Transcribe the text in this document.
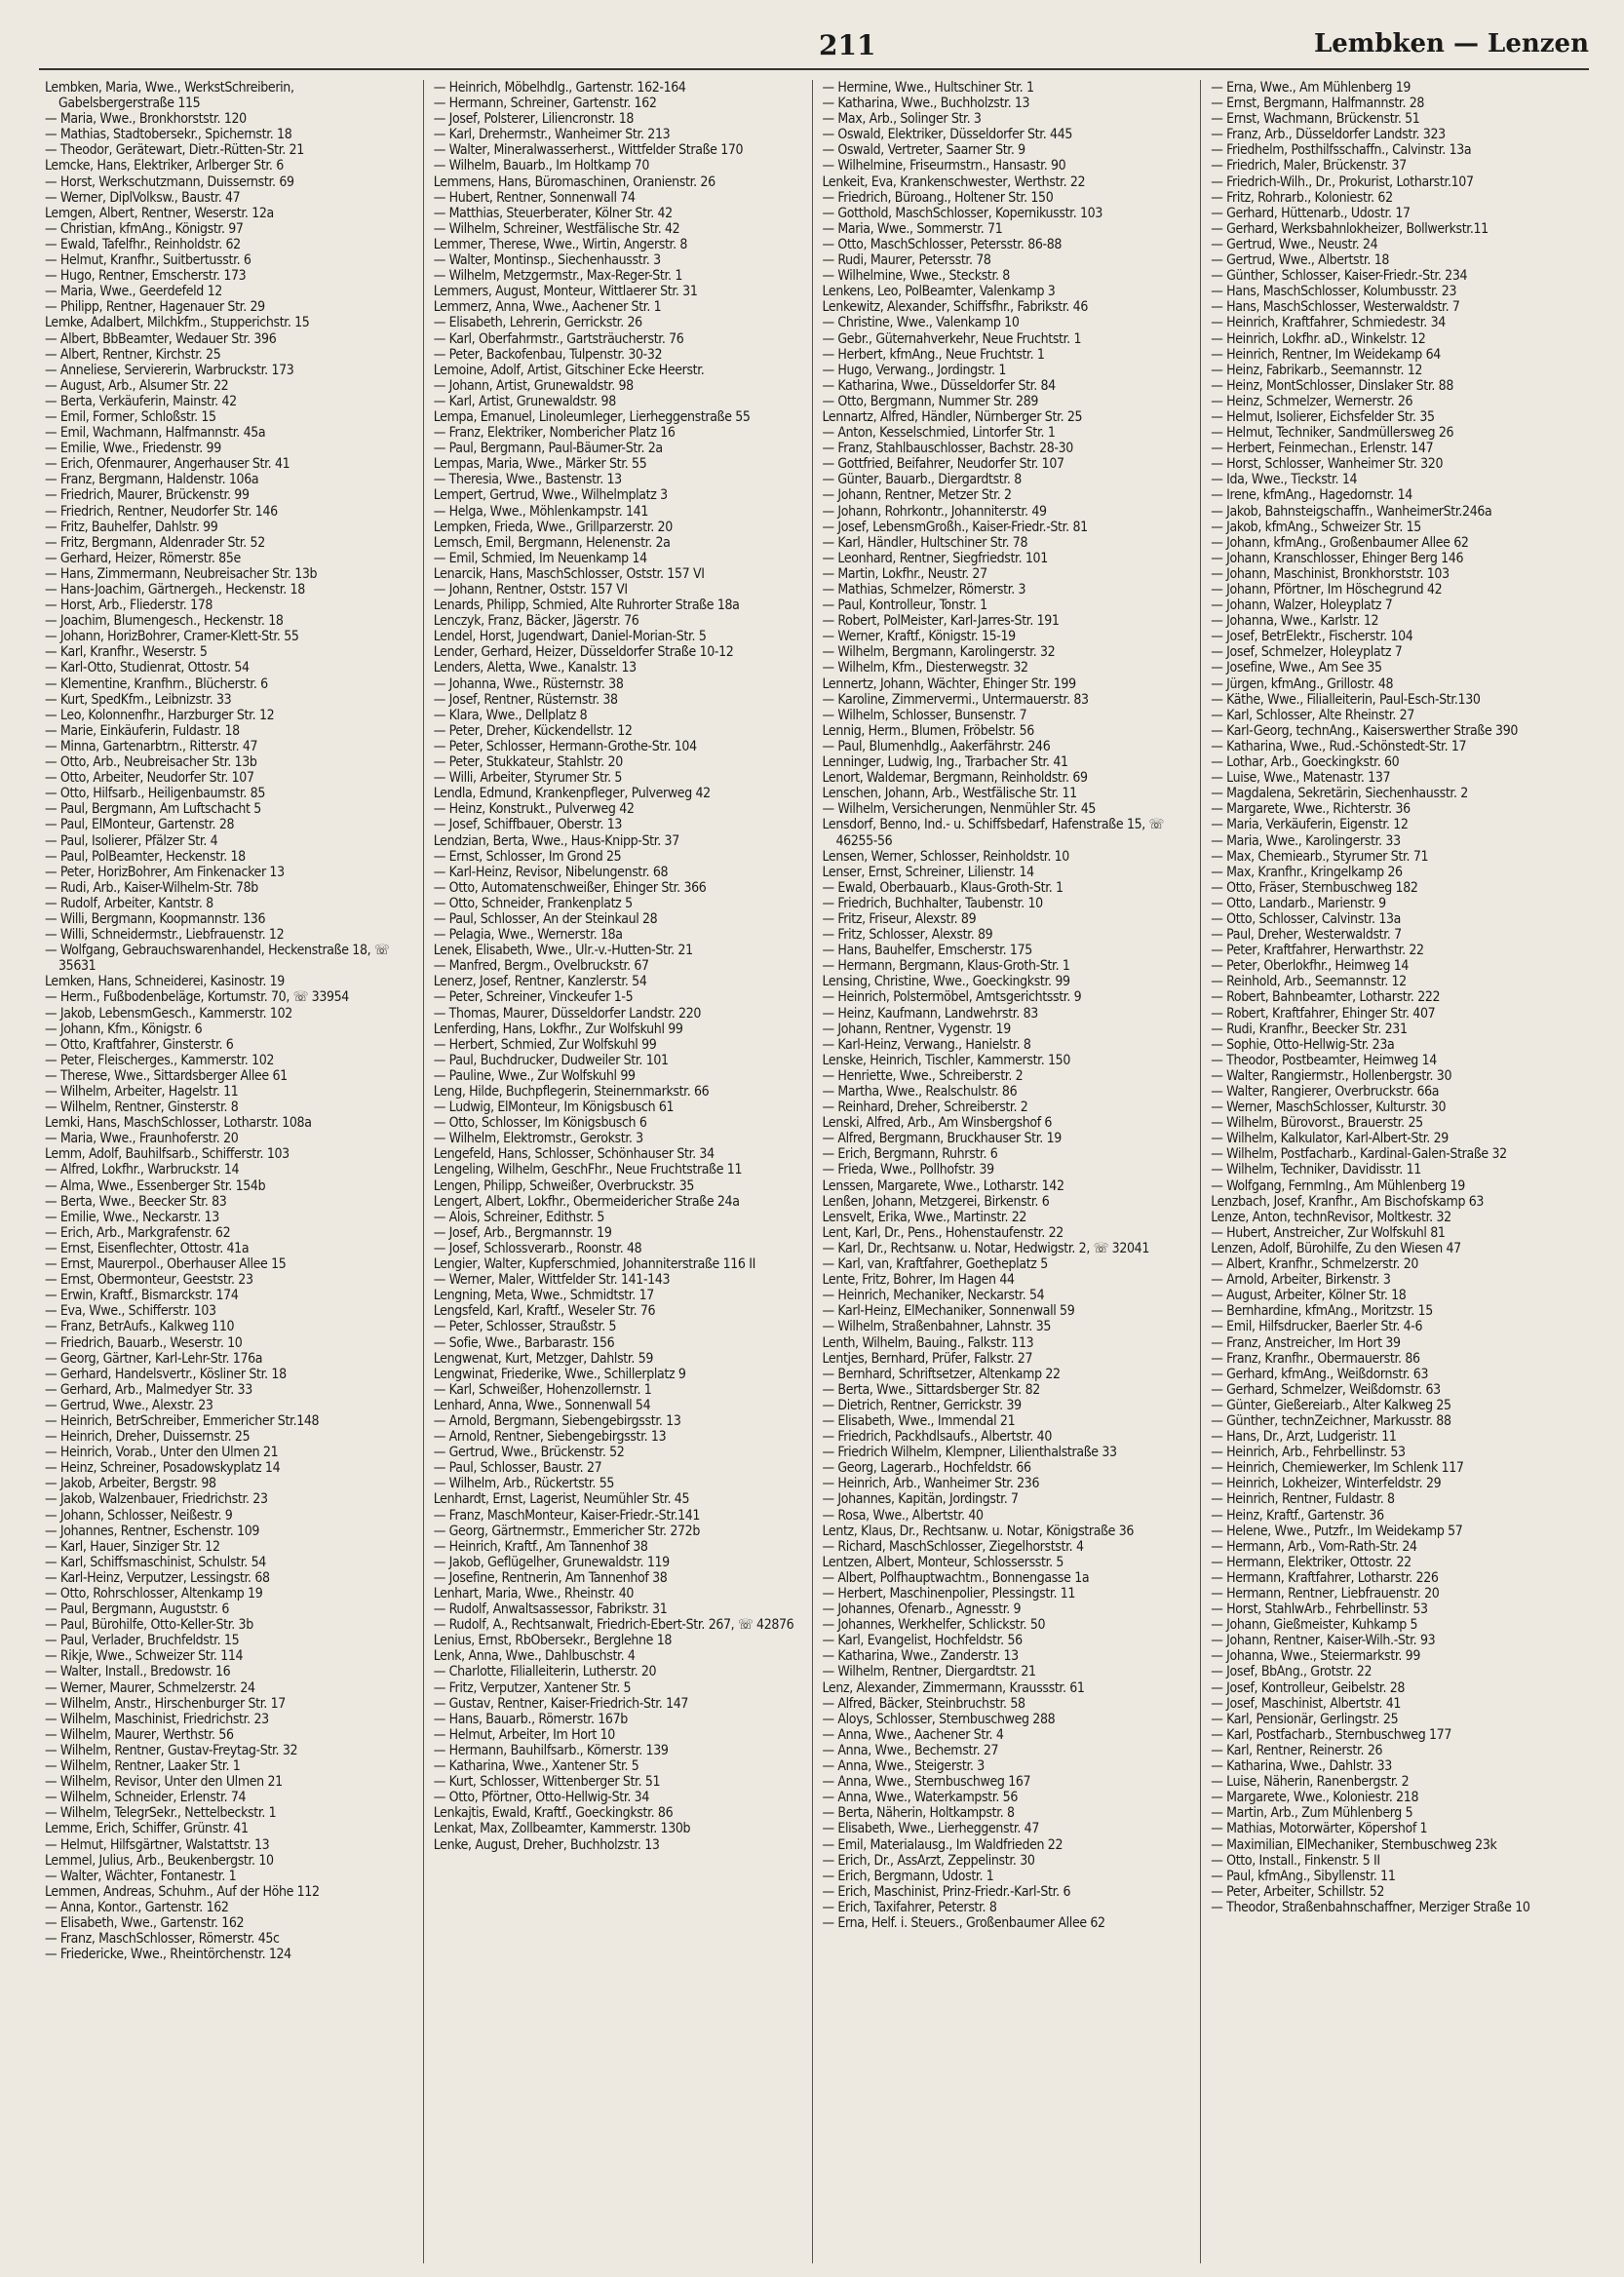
211	Lembken — Lenzen
Lembken, Maria, Wwe., WerkstSchreiberin, Gabelsbergerstraße 115
— Maria, Wwe., Bronkhorststr. 120
— Mathias, Stadtobersekr., Spichernstr. 18
— Theodor, Gerätewart, Dietr.-Rütten-Str. 21
Lemcke, Hans, Elektriker, Arlberger Str. 6
— Horst, Werkschutzmann, Duissernstr. 69
— Werner, DiplVolksw., Baustr. 47
Lemgen, Albert, Rentner, Weserstr. 12a
— Christian, kfmAng., Königstr. 97
— Ewald, Tafelfhr., Reinholdstr. 62
— Helmut, Kranfhr., Suitbertusstr. 6
— Hugo, Rentner, Emscherstr. 173
— Maria, Wwe., Geerdefeld 12
— Philipp, Rentner, Hagenauer Str. 29
Lemke, Adalbert, Milchkfm., Stupperichstr. 15
— Albert, BbBeamter, Wedauer Str. 396
— Albert, Rentner, Kirchstr. 25
— Anneliese, Serviererin, Warbruckstr. 173
— August, Arb., Alsumer Str. 22
— Berta, Verkäuferin, Mainstr. 42
— Emil, Former, Schloßstr. 15
— Emil, Wachmann, Halfmannstr. 45a
— Emilie, Wwe., Friedenstr. 99
— Erich, Ofenmaurer, Angerhauser Str. 41
— Franz, Bergmann, Haldenstr. 106a
— Friedrich, Maurer, Brückenstr. 99
— Friedrich, Rentner, Neudorfer Str. 146
— Fritz, Bauhelfer, Dahlstr. 99
— Fritz, Bergmann, Aldenrader Str. 52
— Gerhard, Heizer, Römerstr. 85e
— Hans, Zimmermann, Neubreisacher Str. 13b
— Hans-Joachim, Gärtnergeh., Heckenstr. 18
— Horst, Arb., Fliederstr. 178
— Joachim, Blumengesch., Heckenstr. 18
— Johann, HorizBohrer, Cramer-Klett-Str. 55
— Karl, Kranfhr., Weserstr. 5
— Karl-Otto, Studienrat, Ottostr. 54
— Klementine, Kranfhrn., Blücherstr. 6
— Kurt, SpedKfm., Leibnizstr. 33
— Leo, Kolonnenfhr., Harzburger Str. 12
— Marie, Einkäuferin, Fuldastr. 18
— Minna, Gartenarbtrn., Ritterstr. 47
— Otto, Arb., Neubreisacher Str. 13b
— Otto, Arbeiter, Neudorfer Str. 107
— Otto, Hilfsarb., Heiligenbaumstr. 85
— Paul, Bergmann, Am Luftschacht 5
— Paul, ElMonteur, Gartenstr. 28
— Paul, Isolierer, Pfälzer Str. 4
— Paul, PolBeamter, Heckenstr. 18
— Peter, HorizBohrer, Am Finkenacker 13
— Rudi, Arb., Kaiser-Wilhelm-Str. 78b
— Rudolf, Arbeiter, Kantstr. 8
— Willi, Bergmann, Koopmannstr. 136
— Willi, Schneidermstr., Liebfrauenstr. 12
— Wolfgang, Gebrauchswarenhandel, Heckenstraße 18, ☏ 35631
Lemken, Hans, Schneiderei, Kasinostr. 19
— Herm., Fußbodenbeläge, Kortumstr. 70, ☏ 33954
— Jakob, LebensmGesch., Kammerstr. 102
— Johann, Kfm., Königstr. 6
— Otto, Kraftfahrer, Ginsterstr. 6
— Peter, Fleischerges., Kammerstr. 102
— Therese, Wwe., Sittardsberger Allee 61
— Wilhelm, Arbeiter, Hagelstr. 11
— Wilhelm, Rentner, Ginsterstr. 8
Lemki, Hans, MaschSchlosser, Lotharstr. 108a
— Maria, Wwe., Fraunhoferstr. 20
Lemm, Adolf, Bauhilfsarb., Schifferstr. 103
— Alfred, Lokfhr., Warbruckstr. 14
— Alma, Wwe., Essenberger Str. 154b
— Berta, Wwe., Beecker Str. 83
— Emilie, Wwe., Neckarstr. 13
— Erich, Arb., Markgrafenstr. 62
— Ernst, Eisenflechter, Ottostr. 41a
— Ernst, Maurerpol., Oberhauser Allee 15
— Ernst, Obermonteur, Geeststr. 23
— Erwin, Kraftf., Bismarckstr. 174
— Eva, Wwe., Schifferstr. 103
— Franz, BetrAufs., Kalkweg 110
— Friedrich, Bauarb., Weserstr. 10
— Georg, Gärtner, Karl-Lehr-Str. 176a
— Gerhard, Handelsvertr., Kösliner Str. 18
— Gerhard, Arb., Malmedyer Str. 33
— Gertrud, Wwe., Alexstr. 23
— Heinrich, BetrSchreiber, Emmericher Str.148
— Heinrich, Dreher, Duissernstr. 25
— Heinrich, Vorab., Unter den Ulmen 21
— Heinz, Schreiner, Posadowskyplatz 14
— Jakob, Arbeiter, Bergstr. 98
— Jakob, Walzenbauer, Friedrichstr. 23
— Johann, Schlosser, Neißestr. 9
— Johannes, Rentner, Eschenstr. 109
— Karl, Hauer, Sinziger Str. 12
— Karl, Schiffsmaschinist, Schulstr. 54
— Karl-Heinz, Verputzer, Lessingstr. 68
— Otto, Rohrschlosser, Altenkamp 19
— Paul, Bergmann, Auguststr. 6
— Paul, Bürohilfe, Otto-Keller-Str. 3b
— Paul, Verlader, Bruchfeldstr. 15
— Rikje, Wwe., Schweizer Str. 114
— Walter, Install., Bredowstr. 16
— Werner, Maurer, Schmelzerstr. 24
— Wilhelm, Anstr., Hirschenburger Str. 17
— Wilhelm, Maschinist, Friedrichstr. 23
— Wilhelm, Maurer, Werthstr. 56
— Wilhelm, Rentner, Gustav-Freytag-Str. 32
— Wilhelm, Rentner, Laaker Str. 1
— Wilhelm, Revisor, Unter den Ulmen 21
— Wilhelm, Schneider, Erlenstr. 74
— Wilhelm, TelegrSekr., Nettelbeckstr. 1
Lemme, Erich, Schiffer, Grünstr. 41
— Helmut, Hilfsgärtner, Walstattstr. 13
Lemmel, Julius, Arb., Beukenbergstr. 10
— Walter, Wächter, Fontanestr. 1
Lemmen, Andreas, Schuhm., Auf der Höhe 112
— Anna, Kontor., Gartenstr. 162
— Elisabeth, Wwe., Gartenstr. 162
— Franz, MaschSchlosser, Römerstr. 45c
— Friedericke, Wwe., Rheintörchenstr. 124
— Heinrich, Möbelhdlg., Gartenstr. 162-164
— Hermann, Schreiner, Gartenstr. 162
— Josef, Polsterer, Liliencronstr. 18
— Karl, Drehermstr., Wanheimer Str. 213
— Walter, Mineralwasserherst., Wittfelder Straße 170
— Wilhelm, Bauarb., Im Holtkamp 70
Lemmens, Hans, Büromaschinen, Oranienstr. 26
— Hubert, Rentner, Sonnenwall 74
— Matthias, Steuerberater, Kölner Str. 42
— Wilhelm, Schreiner, Westfälische Str. 42
Lemmer, Therese, Wwe., Wirtin, Angerstr. 8
— Walter, Montinsp., Siechenhausstr. 3
— Wilhelm, Metzgermstr., Max-Reger-Str. 1
Lemmers, August, Monteur, Wittlaerer Str. 31
Lemmerz, Anna, Wwe., Aachener Str. 1
— Elisabeth, Lehrerin, Gerrickstr. 26
— Karl, Oberfahrmstr., Gartsträucherstr. 76
— Peter, Backofenbau, Tulpenstr. 30-32
Lemoine, Adolf, Artist, Gitschiner Ecke Heerstr.
— Johann, Artist, Grunewaldstr. 98
— Karl, Artist, Grunewaldstr. 98
Lempa, Emanuel, Linoleumleger, Lierheggenstraße 55
— Franz, Elektriker, Nombericher Platz 16
— Paul, Bergmann, Paul-Bäumer-Str. 2a
Lempas, Maria, Wwe., Märker Str. 55
— Theresia, Wwe., Bastenstr. 13
Lempert, Gertrud, Wwe., Wilhelmplatz 3
— Helga, Wwe., Möhlenkampstr. 141
Lempken, Frieda, Wwe., Grillparzerstr. 20
Lemsch, Emil, Bergmann, Helenenstr. 2a
— Emil, Schmied, Im Neuenkamp 14
Lenarcik, Hans, MaschSchlosser, Oststr. 157 VI
— Johann, Rentner, Oststr. 157 VI
Lenards, Philipp, Schmied, Alte Ruhrorter Straße 18a
Lenczyk, Franz, Bäcker, Jägerstr. 76
Lendel, Horst, Jugendwart, Daniel-Morian-Str. 5
Lender, Gerhard, Heizer, Düsseldorfer Straße 10-12
Lenders, Aletta, Wwe., Kanalstr. 13
— Johanna, Wwe., Rüsternstr. 38
— Josef, Rentner, Rüsternstr. 38
— Klara, Wwe., Dellplatz 8
— Peter, Dreher, Kückendellstr. 12
— Peter, Schlosser, Hermann-Grothe-Str. 104
— Peter, Stukkateur, Stahlstr. 20
— Willi, Arbeiter, Styrumer Str. 5
Lendla, Edmund, Krankenpfleger, Pulverweg 42
— Heinz, Konstrukt., Pulverweg 42
— Josef, Schiffbauer, Oberstr. 13
Lendzian, Berta, Wwe., Haus-Knipp-Str. 37
— Ernst, Schlosser, Im Grond 25
— Karl-Heinz, Revisor, Nibelungenstr. 68
— Otto, Automatenschweißer, Ehinger Str. 366
— Otto, Schneider, Frankenplatz 5
— Paul, Schlosser, An der Steinkaul 28
— Pelagia, Wwe., Wernerstr. 18a
Lenek, Elisabeth, Wwe., Ulr.-v.-Hutten-Str. 21
— Manfred, Bergm., Ovelbruckstr. 67
Lenerz, Josef, Rentner, Kanzlerstr. 54
— Peter, Schreiner, Vinckeufer 1-5
— Thomas, Maurer, Düsseldorfer Landstr. 220
Lenferding, Hans, Lokfhr., Zur Wolfskuhl 99
— Herbert, Schmied, Zur Wolfskuhl 99
— Paul, Buchdrucker, Dudweiler Str. 101
— Pauline, Wwe., Zur Wolfskuhl 99
Leng, Hilde, Buchpflegerin, Steinernmarkstr. 66
— Ludwig, ElMonteur, Im Königsbusch 61
— Otto, Schlosser, Im Königsbusch 6
— Wilhelm, Elektromstr., Gerokstr. 3
Lengefeld, Hans, Schlosser, Schönhauser Str. 34
Lengeling, Wilhelm, GeschFhr., Neue Fruchtstraße 11
Lengen, Philipp, Schweißer, Overbruckstr. 35
Lengert, Albert, Lokfhr., Obermeidericher Straße 24a
— Alois, Schreiner, Edithstr. 5
— Josef, Arb., Bergmannstr. 19
— Josef, Schlossverarb., Roonstr. 48
Lengier, Walter, Kupferschmied, Johanniterstraße 116 II
— Werner, Maler, Wittfelder Str. 141-143
Lengning, Meta, Wwe., Schmidtstr. 17
Lengsfeld, Karl, Kraftf., Weseler Str. 76
— Peter, Schlosser, Straußstr. 5
— Sofie, Wwe., Barbarastr. 156
Lengwenat, Kurt, Metzger, Dahlstr. 59
Lengwinat, Friederike, Wwe., Schillerplatz 9
— Karl, Schweißer, Hohenzollernstr. 1
Lenhard, Anna, Wwe., Sonnenwall 54
— Arnold, Bergmann, Siebengebirgsstr. 13
— Arnold, Rentner, Siebengebirgsstr. 13
— Gertrud, Wwe., Brückenstr. 52
— Paul, Schlosser, Baustr. 27
— Wilhelm, Arb., Rückertstr. 55
Lenhardt, Ernst, Lagerist, Neumühler Str. 45
— Franz, MaschMonteur, Kaiser-Friedr.-Str.141
— Georg, Gärtnermstr., Emmericher Str. 272b
— Heinrich, Kraftf., Am Tannenhof 38
— Jakob, Geflügelher, Grunewaldstr. 119
— Josefine, Rentnerin, Am Tannenhof 38
Lenhart, Maria, Wwe., Rheinstr. 40
— Rudolf, Anwaltsassessor, Fabrikstr. 31
— Rudolf, A., Rechtsanwalt, Friedrich-Ebert-Str. 267, ☏ 42876
Lenius, Ernst, RbObersekr., Berglehne 18
Lenk, Anna, Wwe., Dahlbuschstr. 4
— Charlotte, Filialleiterin, Lutherstr. 20
— Fritz, Verputzer, Xantener Str. 5
— Gustav, Rentner, Kaiser-Friedrich-Str. 147
— Hans, Bauarb., Römerstr. 167b
— Helmut, Arbeiter, Im Hort 10
— Hermann, Bauhilfsarb., Körnerstr. 139
— Katharina, Wwe., Xantener Str. 5
— Kurt, Schlosser, Wittenberger Str. 51
— Otto, Pförtner, Otto-Hellwig-Str. 34
Lenkajtis, Ewald, Kraftf., Goeckingkstr. 86
Lenkat, Max, Zollbeamter, Kammerstr. 130b
Lenke, August, Dreher, Buchholzstr. 13
— Hermine, Wwe., Hultschiner Str. 1
— Katharina, Wwe., Buchholzstr. 13
— Max, Arb., Solinger Str. 3
— Oswald, Elektriker, Düsseldorfer Str. 445
— Oswald, Vertreter, Saarner Str. 9
— Wilhelmine, Friseurmstrn., Hansastr. 90
Lenkeit, Eva, Krankenschwester, Werthstr. 22
— Friedrich, Büroang., Holtener Str. 150
— Gotthold, MaschSchlosser, Kopernikusstr. 103
— Maria, Wwe., Sommerstr. 71
— Otto, MaschSchlosser, Petersstr. 86-88
— Rudi, Maurer, Petersstr. 78
— Wilhelmine, Wwe., Steckstr. 8
Lenkens, Leo, PolBeamter, Valenkamp 3
Lenkewitz, Alexander, Schiffsfhr., Fabrikstr. 46
— Christine, Wwe., Valenkamp 10
— Gebr., Güternahverkehr, Neue Fruchtstr. 1
— Herbert, kfmAng., Neue Fruchtstr. 1
— Hugo, Verwang., Jordingstr. 1
— Katharina, Wwe., Düsseldorfer Str. 84
— Otto, Bergmann, Nummer Str. 289
Lennartz, Alfred, Händler, Nürnberger Str. 25
— Anton, Kesselschmied, Lintorfer Str. 1
— Franz, Stahlbauschlosser, Bachstr. 28-30
— Gottfried, Beifahrer, Neudorfer Str. 107
— Günter, Bauarb., Diergardtstr. 8
— Johann, Rentner, Metzer Str. 2
— Johann, Rohrkontr., Johanniterstr. 49
— Josef, LebensmGroßh., Kaiser-Friedr.-Str. 81
— Karl, Händler, Hultschiner Str. 78
— Leonhard, Rentner, Siegfriedstr. 101
— Martin, Lokfhr., Neustr. 27
— Mathias, Schmelzer, Römerstr. 3
— Paul, Kontrolleur, Tonstr. 1
— Robert, PolMeister, Karl-Jarres-Str. 191
— Werner, Kraftf., Königstr. 15-19
— Wilhelm, Bergmann, Karolingerstr. 32
— Wilhelm, Kfm., Diesterwegstr. 32
Lennertz, Johann, Wächter, Ehinger Str. 199
— Karoline, Zimmervermi., Untermauerstr. 83
— Wilhelm, Schlosser, Bunsenstr. 7
Lennig, Herm., Blumen, Fröbelstr. 56
— Paul, Blumenhdlg., Aakerfährstr. 246
Lenninger, Ludwig, Ing., Trarbacher Str. 41
Lenort, Waldemar, Bergmann, Reinholdstr. 69
Lenschen, Johann, Arb., Westfälische Str. 11
— Wilhelm, Versicherungen, Nenmühler Str. 45
Lensdorf, Benno, Ind.- u. Schiffsbedarf, Hafenstraße 15, ☏ 46255-56
Lensen, Werner, Schlosser, Reinholdstr. 10
Lenser, Ernst, Schreiner, Lilienstr. 14
— Ewald, Oberbauarb., Klaus-Groth-Str. 1
— Friedrich, Buchhalter, Taubenstr. 10
— Fritz, Friseur, Alexstr. 89
— Fritz, Schlosser, Alexstr. 89
— Hans, Bauhelfer, Emscherstr. 175
— Hermann, Bergmann, Klaus-Groth-Str. 1
Lensing, Christine, Wwe., Goeckingkstr. 99
— Heinrich, Polstermöbel, Amtsgerichtsstr. 9
— Heinz, Kaufmann, Landwehrstr. 83
— Johann, Rentner, Vygenstr. 19
— Karl-Heinz, Verwang., Hanielstr. 8
Lenske, Heinrich, Tischler, Kammerstr. 150
— Henriette, Wwe., Schreiberstr. 2
— Martha, Wwe., Realschulstr. 86
— Reinhard, Dreher, Schreiberstr. 2
Lenski, Alfred, Arb., Am Winsbergshof 6
— Alfred, Bergmann, Bruckhauser Str. 19
— Erich, Bergmann, Ruhrstr. 6
— Frieda, Wwe., Pollhofstr. 39
Lenssen, Margarete, Wwe., Lotharstr. 142
Lenßen, Johann, Metzgerei, Birkenstr. 6
Lensvelt, Erika, Wwe., Martinstr. 22
Lent, Karl, Dr., Pens., Hohenstaufenstr. 22
— Karl, Dr., Rechtsanw. u. Notar, Hedwigstr. 2, ☏ 32041
— Karl, van, Kraftfahrer, Goetheplatz 5
Lente, Fritz, Bohrer, Im Hagen 44
— Heinrich, Mechaniker, Neckarstr. 54
— Karl-Heinz, ElMechaniker, Sonnenwall 59
— Wilhelm, Straßenbahner, Lahnstr. 35
Lenth, Wilhelm, Bauing., Falkstr. 113
Lentjes, Bernhard, Prüfer, Falkstr. 27
— Bernhard, Schriftsetzer, Altenkamp 22
— Berta, Wwe., Sittardsberger Str. 82
— Dietrich, Rentner, Gerrickstr. 39
— Elisabeth, Wwe., Immendal 21
— Friedrich, Packhdlsaufs., Albertstr. 40
— Friedrich Wilhelm, Klempner, Lilienthalstraße 33
— Georg, Lagerarb., Hochfeldstr. 66
— Heinrich, Arb., Wanheimer Str. 236
— Johannes, Kapitän, Jordingstr. 7
— Rosa, Wwe., Albertstr. 40
Lentz, Klaus, Dr., Rechtsanw. u. Notar, Königstraße 36
— Richard, MaschSchlosser, Ziegelhorststr. 4
Lentzen, Albert, Monteur, Schlossersstr. 5
— Albert, Polfhauptwachtm., Bonnengasse 1a
— Herbert, Maschinenpolier, Plessingstr. 11
— Johannes, Ofenarb., Agnesstr. 9
— Johannes, Werkhelfer, Schlickstr. 50
— Karl, Evangelist, Hochfeldstr. 56
— Katharina, Wwe., Zanderstr. 13
— Wilhelm, Rentner, Diergardtstr. 21
Lenz, Alexander, Zimmermann, Kraussstr. 61
— Alfred, Bäcker, Steinbruchstr. 58
— Aloys, Schlosser, Sternbuschweg 288
— Anna, Wwe., Aachener Str. 4
— Anna, Wwe., Bechemstr. 27
— Anna, Wwe., Steigerstr. 3
— Anna, Wwe., Sternbuschweg 167
— Anna, Wwe., Waterkampstr. 56
— Berta, Näherin, Holtkampstr. 8
— Elisabeth, Wwe., Lierheggenstr. 47
— Emil, Materialausg., Im Waldfrieden 22
— Erich, Dr., AssArzt, Zeppelinstr. 30
— Erich, Bergmann, Udostr. 1
— Erich, Maschinist, Prinz-Friedr.-Karl-Str. 6
— Erich, Taxifahrer, Peterstr. 8
— Erna, Helf. i. Steuers., Großenbaumer Allee 62
— Erna, Wwe., Am Mühlenberg 19
— Ernst, Bergmann, Halfmannstr. 28
— Ernst, Wachmann, Brückenstr. 51
— Franz, Arb., Düsseldorfer Landstr. 323
— Friedhelm, Posthilfsschaffn., Calvinstr. 13a
— Friedrich, Maler, Brückenstr. 37
— Friedrich-Wilh., Dr., Prokurist, Lotharstr.107
— Fritz, Rohrarb., Koloniestr. 62
— Gerhard, Hüttenarb., Udostr. 17
— Gerhard, Werksbahnlokheizer, Bollwerkstr.11
— Gertrud, Wwe., Neustr. 24
— Gertrud, Wwe., Albertstr. 18
— Günther, Schlosser, Kaiser-Friedr.-Str. 234
— Hans, MaschSchlosser, Kolumbusstr. 23
— Hans, MaschSchlosser, Westerwaldstr. 7
— Heinrich, Kraftfahrer, Schmiedestr. 34
— Heinrich, Lokfhr. aD., Winkelstr. 12
— Heinrich, Rentner, Im Weidekamp 64
— Heinz, Fabrikarb., Seemannstr. 12
— Heinz, MontSchlosser, Dinslaker Str. 88
— Heinz, Schmelzer, Wernerstr. 26
— Helmut, Isolierer, Eichsfelder Str. 35
— Helmut, Techniker, Sandmüllersweg 26
— Herbert, Feinmechan., Erlenstr. 147
— Horst, Schlosser, Wanheimer Str. 320
— Ida, Wwe., Tieckstr. 14
— Irene, kfmAng., Hagedornstr. 14
— Jakob, Bahnsteigschaffn., WanheimerStr.246a
— Jakob, kfmAng., Schweizer Str. 15
— Johann, kfmAng., Großenbaumer Allee 62
— Johann, Kranschlosser, Ehinger Berg 146
— Johann, Maschinist, Bronkhorststr. 103
— Johann, Pförtner, Im Höschegrund 42
— Johann, Walzer, Holeyplatz 7
— Johanna, Wwe., Karlstr. 12
— Josef, BetrElektr., Fischerstr. 104
— Josef, Schmelzer, Holeyplatz 7
— Josefine, Wwe., Am See 35
— Jürgen, kfmAng., Grillostr. 48
— Käthe, Wwe., Filialleiterin, Paul-Esch-Str.130
— Karl, Schlosser, Alte Rheinstr. 27
— Karl-Georg, technAng., Kaiserswerther Straße 390
— Katharina, Wwe., Rud.-Schönstedt-Str. 17
— Lothar, Arb., Goeckingkstr. 60
— Luise, Wwe., Matenastr. 137
— Magdalena, Sekretärin, Siechenhausstr. 2
— Margarete, Wwe., Richterstr. 36
— Maria, Verkäuferin, Eigenstr. 12
— Maria, Wwe., Karolingerstr. 33
— Max, Chemiearb., Styrumer Str. 71
— Max, Kranfhr., Kringelkamp 26
— Otto, Fräser, Sternbuschweg 182
— Otto, Landarb., Marienstr. 9
— Otto, Schlosser, Calvinstr. 13a
— Paul, Dreher, Westerwaldstr. 7
— Peter, Kraftfahrer, Herwarthstr. 22
— Peter, Oberlokfhr., Heimweg 14
— Reinhold, Arb., Seemannstr. 12
— Robert, Bahnbeamter, Lotharstr. 222
— Robert, Kraftfahrer, Ehinger Str. 407
— Rudi, Kranfhr., Beecker Str. 231
— Sophie, Otto-Hellwig-Str. 23a
— Theodor, Postbeamter, Heimweg 14
— Walter, Rangiermstr., Hollenbergstr. 30
— Walter, Rangierer, Overbruckstr. 66a
— Werner, MaschSchlosser, Kulturstr. 30
— Wilhelm, Bürovorst., Brauerstr. 25
— Wilhelm, Kalkulator, Karl-Albert-Str. 29
— Wilhelm, Postfacharb., Kardinal-Galen-Straße 32
— Wilhelm, Techniker, Davidisstr. 11
— Wolfgang, FernmIng., Am Mühlenberg 19
Lenzbach, Josef, Kranfhr., Am Bischofskamp 63
Lenze, Anton, technRevisor, Moltkestr. 32
— Hubert, Anstreicher, Zur Wolfskuhl 81
Lenzen, Adolf, Bürohilfe, Zu den Wiesen 47
— Albert, Kranfhr., Schmelzerstr. 20
— Arnold, Arbeiter, Birkenstr. 3
— August, Arbeiter, Kölner Str. 18
— Bernhardine, kfmAng., Moritzstr. 15
— Emil, Hilfsdrucker, Baerler Str. 4-6
— Franz, Anstreicher, Im Hort 39
— Franz, Kranfhr., Obermauerstr. 86
— Gerhard, kfmAng., Weißdornstr. 63
— Gerhard, Schmelzer, Weißdornstr. 63
— Günter, Gießereiarb., Alter Kalkweg 25
— Günther, technZeichner, Markusstr. 88
— Hans, Dr., Arzt, Ludgeristr. 11
— Heinrich, Arb., Fehrbellinstr. 53
— Heinrich, Chemiewerker, Im Schlenk 117
— Heinrich, Lokheizer, Winterfeldstr. 29
— Heinrich, Rentner, Fuldastr. 8
— Heinz, Kraftf., Gartenstr. 36
— Helene, Wwe., Putzfr., Im Weidekamp 57
— Hermann, Arb., Vom-Rath-Str. 24
— Hermann, Elektriker, Ottostr. 22
— Hermann, Kraftfahrer, Lotharstr. 226
— Hermann, Rentner, Liebfrauenstr. 20
— Horst, StahlwArb., Fehrbellinstr. 53
— Johann, Gießmeister, Kuhkamp 5
— Johann, Rentner, Kaiser-Wilh.-Str. 93
— Johanna, Wwe., Steiermarkstr. 99
— Josef, BbAng., Grotstr. 22
— Josef, Kontrolleur, Geibelstr. 28
— Josef, Maschinist, Albertstr. 41
— Karl, Pensionär, Gerlingstr. 25
— Karl, Postfacharb., Sternbuschweg 177
— Karl, Rentner, Reinerstr. 26
— Katharina, Wwe., Dahlstr. 33
— Luise, Näherin, Ranenbergstr. 2
— Margarete, Wwe., Koloniestr. 218
— Martin, Arb., Zum Mühlenberg 5
— Mathias, Motorwärter, Köpershof 1
— Maximilian, ElMechaniker, Sternbuschweg 23k
— Otto, Install., Finkenstr. 5 II
— Paul, kfmAng., Sibyllenstr. 11
— Peter, Arbeiter, Schillstr. 52
— Theodor, Straßenbahnschaffner, Merziger Straße 10
